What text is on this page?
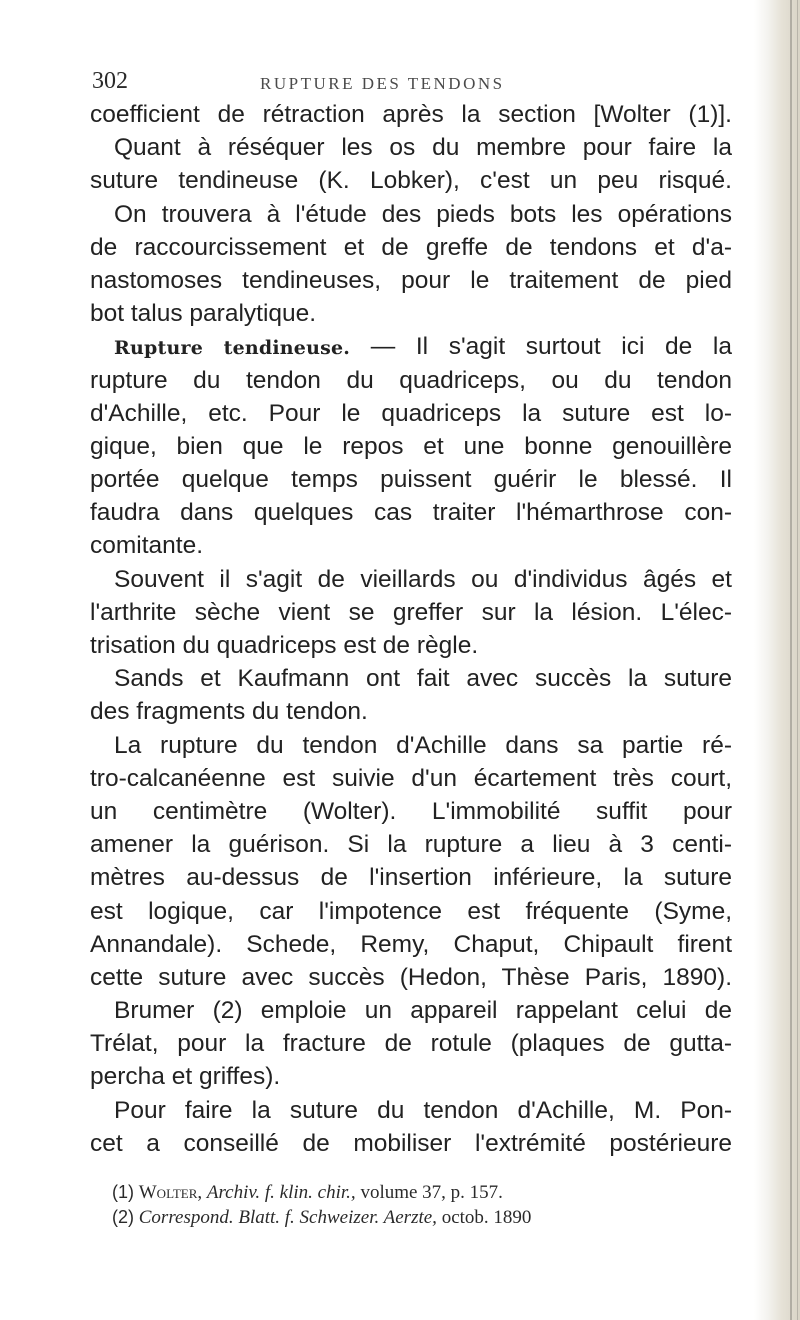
302	RUPTURE DES TENDONS
coefficient de rétraction après la section [Wolter (1)].
Quant à réséquer les os du membre pour faire la
suture tendineuse (K. Lobker), c'est un peu risqué.
On trouvera à l'étude des pieds bots les opérations
de raccourcissement et de greffe de tendons et d'a-
nastomoses tendineuses, pour le traitement de pied
bot talus paralytique.
Rupture tendineuse. — Il s'agit surtout ici de la
rupture du tendon du quadriceps, ou du tendon
d'Achille, etc. Pour le quadriceps la suture est lo-
gique, bien que le repos et une bonne genouillère
portée quelque temps puissent guérir le blessé. Il
faudra dans quelques cas traiter l'hémarthrose con-
comitante.
Souvent il s'agit de vieillards ou d'individus âgés et
l'arthrite sèche vient se greffer sur la lésion. L'élec-
trisation du quadriceps est de règle.
Sands et Kaufmann ont fait avec succès la suture
des fragments du tendon.
La rupture du tendon d'Achille dans sa partie ré-
tro-calcanéenne est suivie d'un écartement très court,
un centimètre (Wolter). L'immobilité suffit pour
amener la guérison. Si la rupture a lieu à 3 centi-
mètres au-dessus de l'insertion inférieure, la suture
est logique, car l'impotence est fréquente (Syme,
Annandale). Schede, Remy, Chaput, Chipault firent
cette suture avec succès (Hedon, Thèse Paris, 1890).
Brumer (2) emploie un appareil rappelant celui de
Trélat, pour la fracture de rotule (plaques de gutta-
percha et griffes).
Pour faire la suture du tendon d'Achille, M. Pon-
cet a conseillé de mobiliser l'extrémité postérieure
(1) Wolter, Archiv. f. klin. chir., volume 37, p. 157.
(2) Correspond. Blatt. f. Schweizer. Aerzte, octob. 1890
